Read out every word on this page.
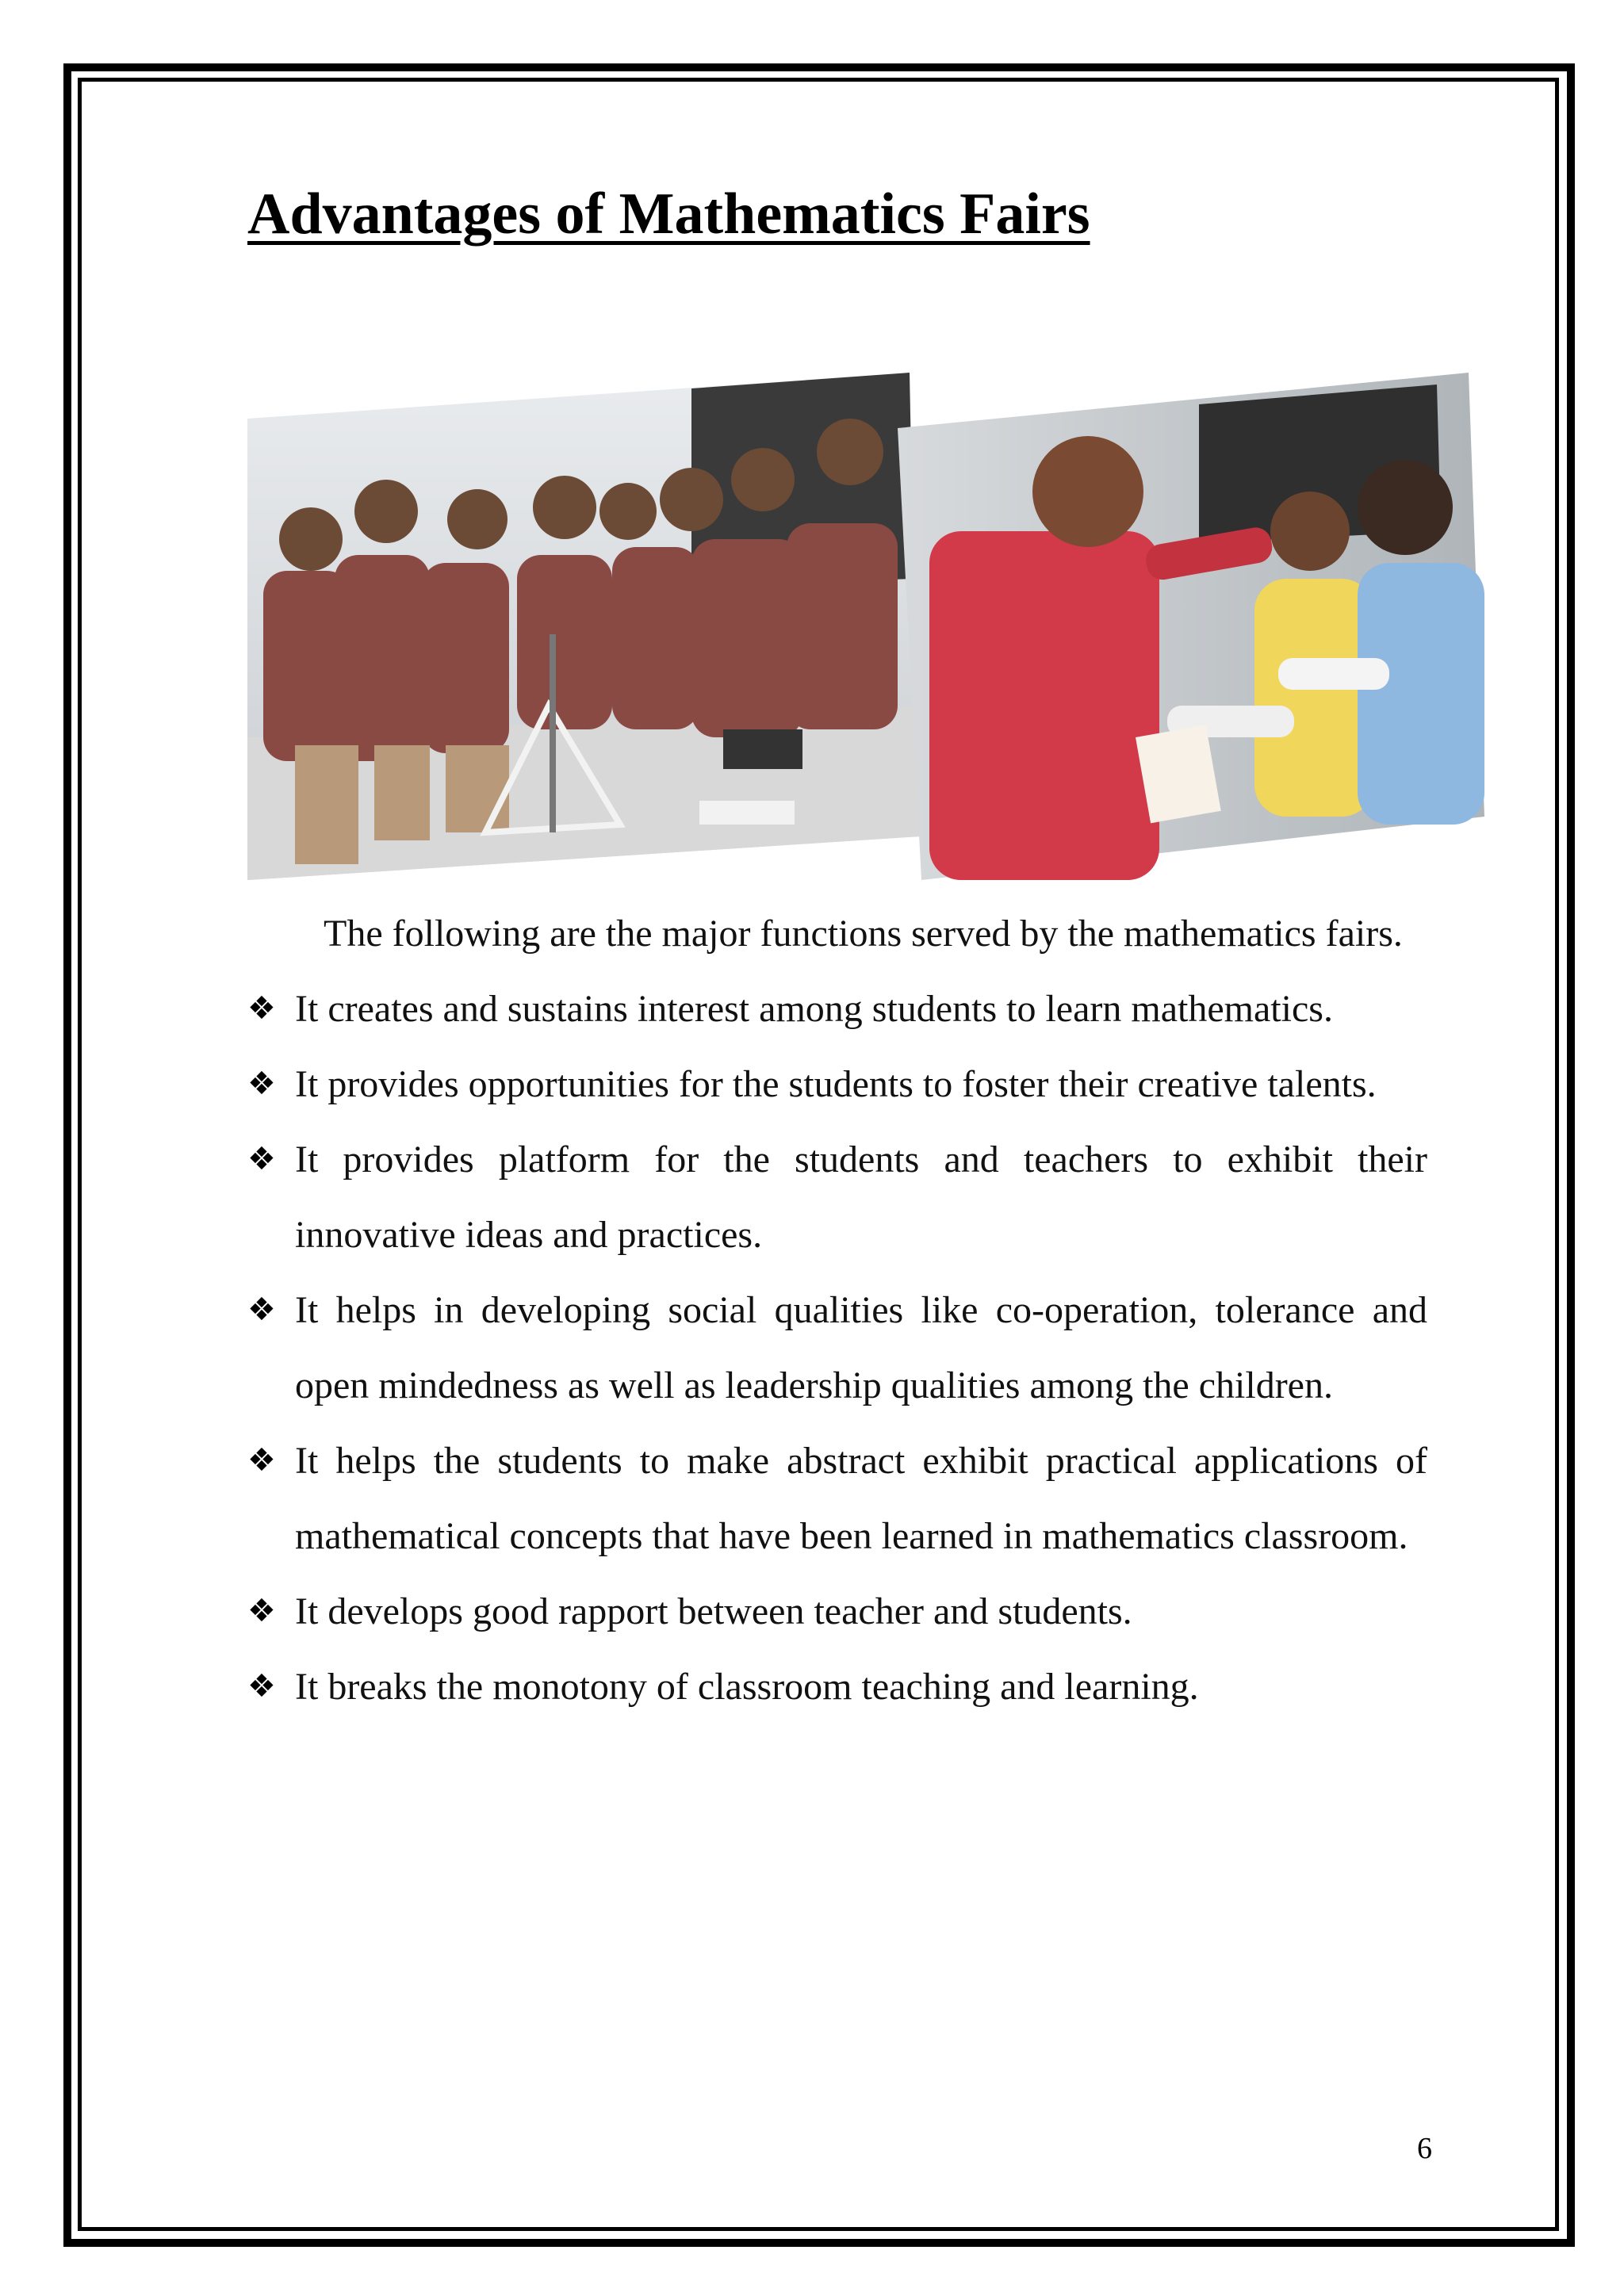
Advantages of Mathematics Fairs

The following are the major functions served by the mathematics fairs.

❖ It creates and sustains interest among students to learn mathematics.
❖ It provides opportunities for the students to foster their creative talents.
❖ It provides platform for the students and teachers to exhibit their innovative ideas and practices.
❖ It helps in developing social qualities like co-operation, tolerance and open mindedness as well as leadership qualities among the children.
❖ It helps the students to make abstract exhibit practical applications of mathematical concepts that have been learned in mathematics classroom.
❖ It develops good rapport between teacher and students.
❖ It breaks the monotony of classroom teaching and learning.
6
